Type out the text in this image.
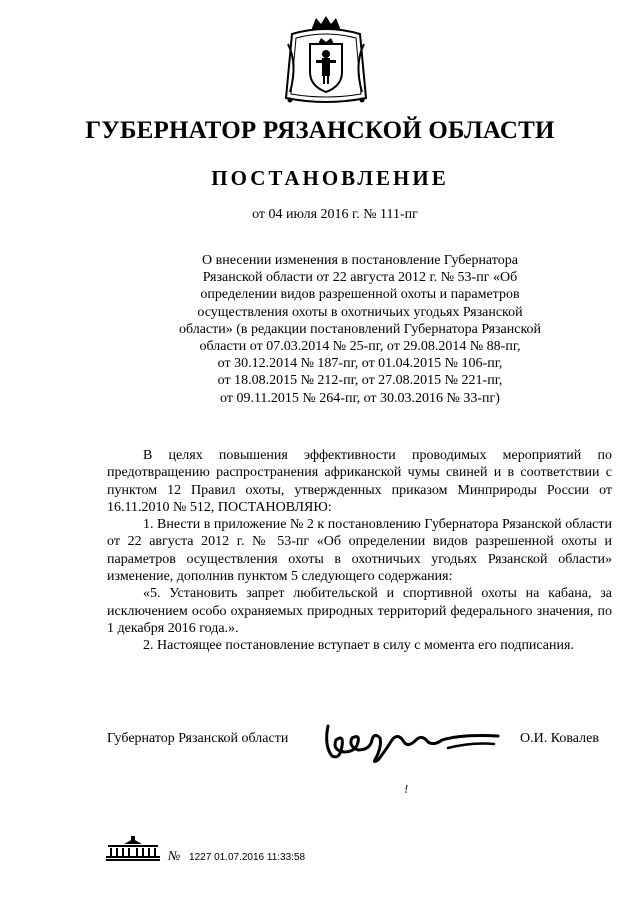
ГУБЕРНАТОР РЯЗАНСКОЙ ОБЛАСТИ
ПОСТАНОВЛЕНИЕ
от 04 июля 2016 г. № 111-пг
О внесении изменения в постановление Губернатора
Рязанской области от 22 августа 2012 г. № 53-пг «Об
определении видов разрешенной охоты и параметров
осуществления охоты в охотничьих угодьях Рязанской
области» (в редакции постановлений Губернатора Рязанской
области от 07.03.2014 № 25-пг, от 29.08.2014 № 88-пг,
от 30.12.2014 № 187-пг, от 01.04.2015 № 106-пг,
от 18.08.2015 № 212-пг, от 27.08.2015 № 221-пг,
от 09.11.2015 № 264-пг, от 30.03.2016 № 33-пг)
В целях повышения эффективности проводимых мероприятий по предотвращению распространения африканской чумы свиней и в соответствии с пунктом 12 Правил охоты, утвержденных приказом Минприроды России от 16.11.2010 № 512, ПОСТАНОВЛЯЮ:
1. Внести в приложение № 2 к постановлению Губернатора Рязанской области от 22 августа 2012 г. № 53-пг «Об определении видов разрешенной охоты и параметров осуществления охоты в охотничьих угодьях Рязанской области» изменение, дополнив пунктом 5 следующего содержания:
«5. Установить запрет любительской и спортивной охоты на кабана, за исключением особо охраняемых природных территорий федерального значения, по 1 декабря 2016 года.».
2. Настоящее постановление вступает в силу с момента его подписания.
Губернатор Рязанской области	О.И. Ковалев
№ 1227 01.07.2016 11:33:58
